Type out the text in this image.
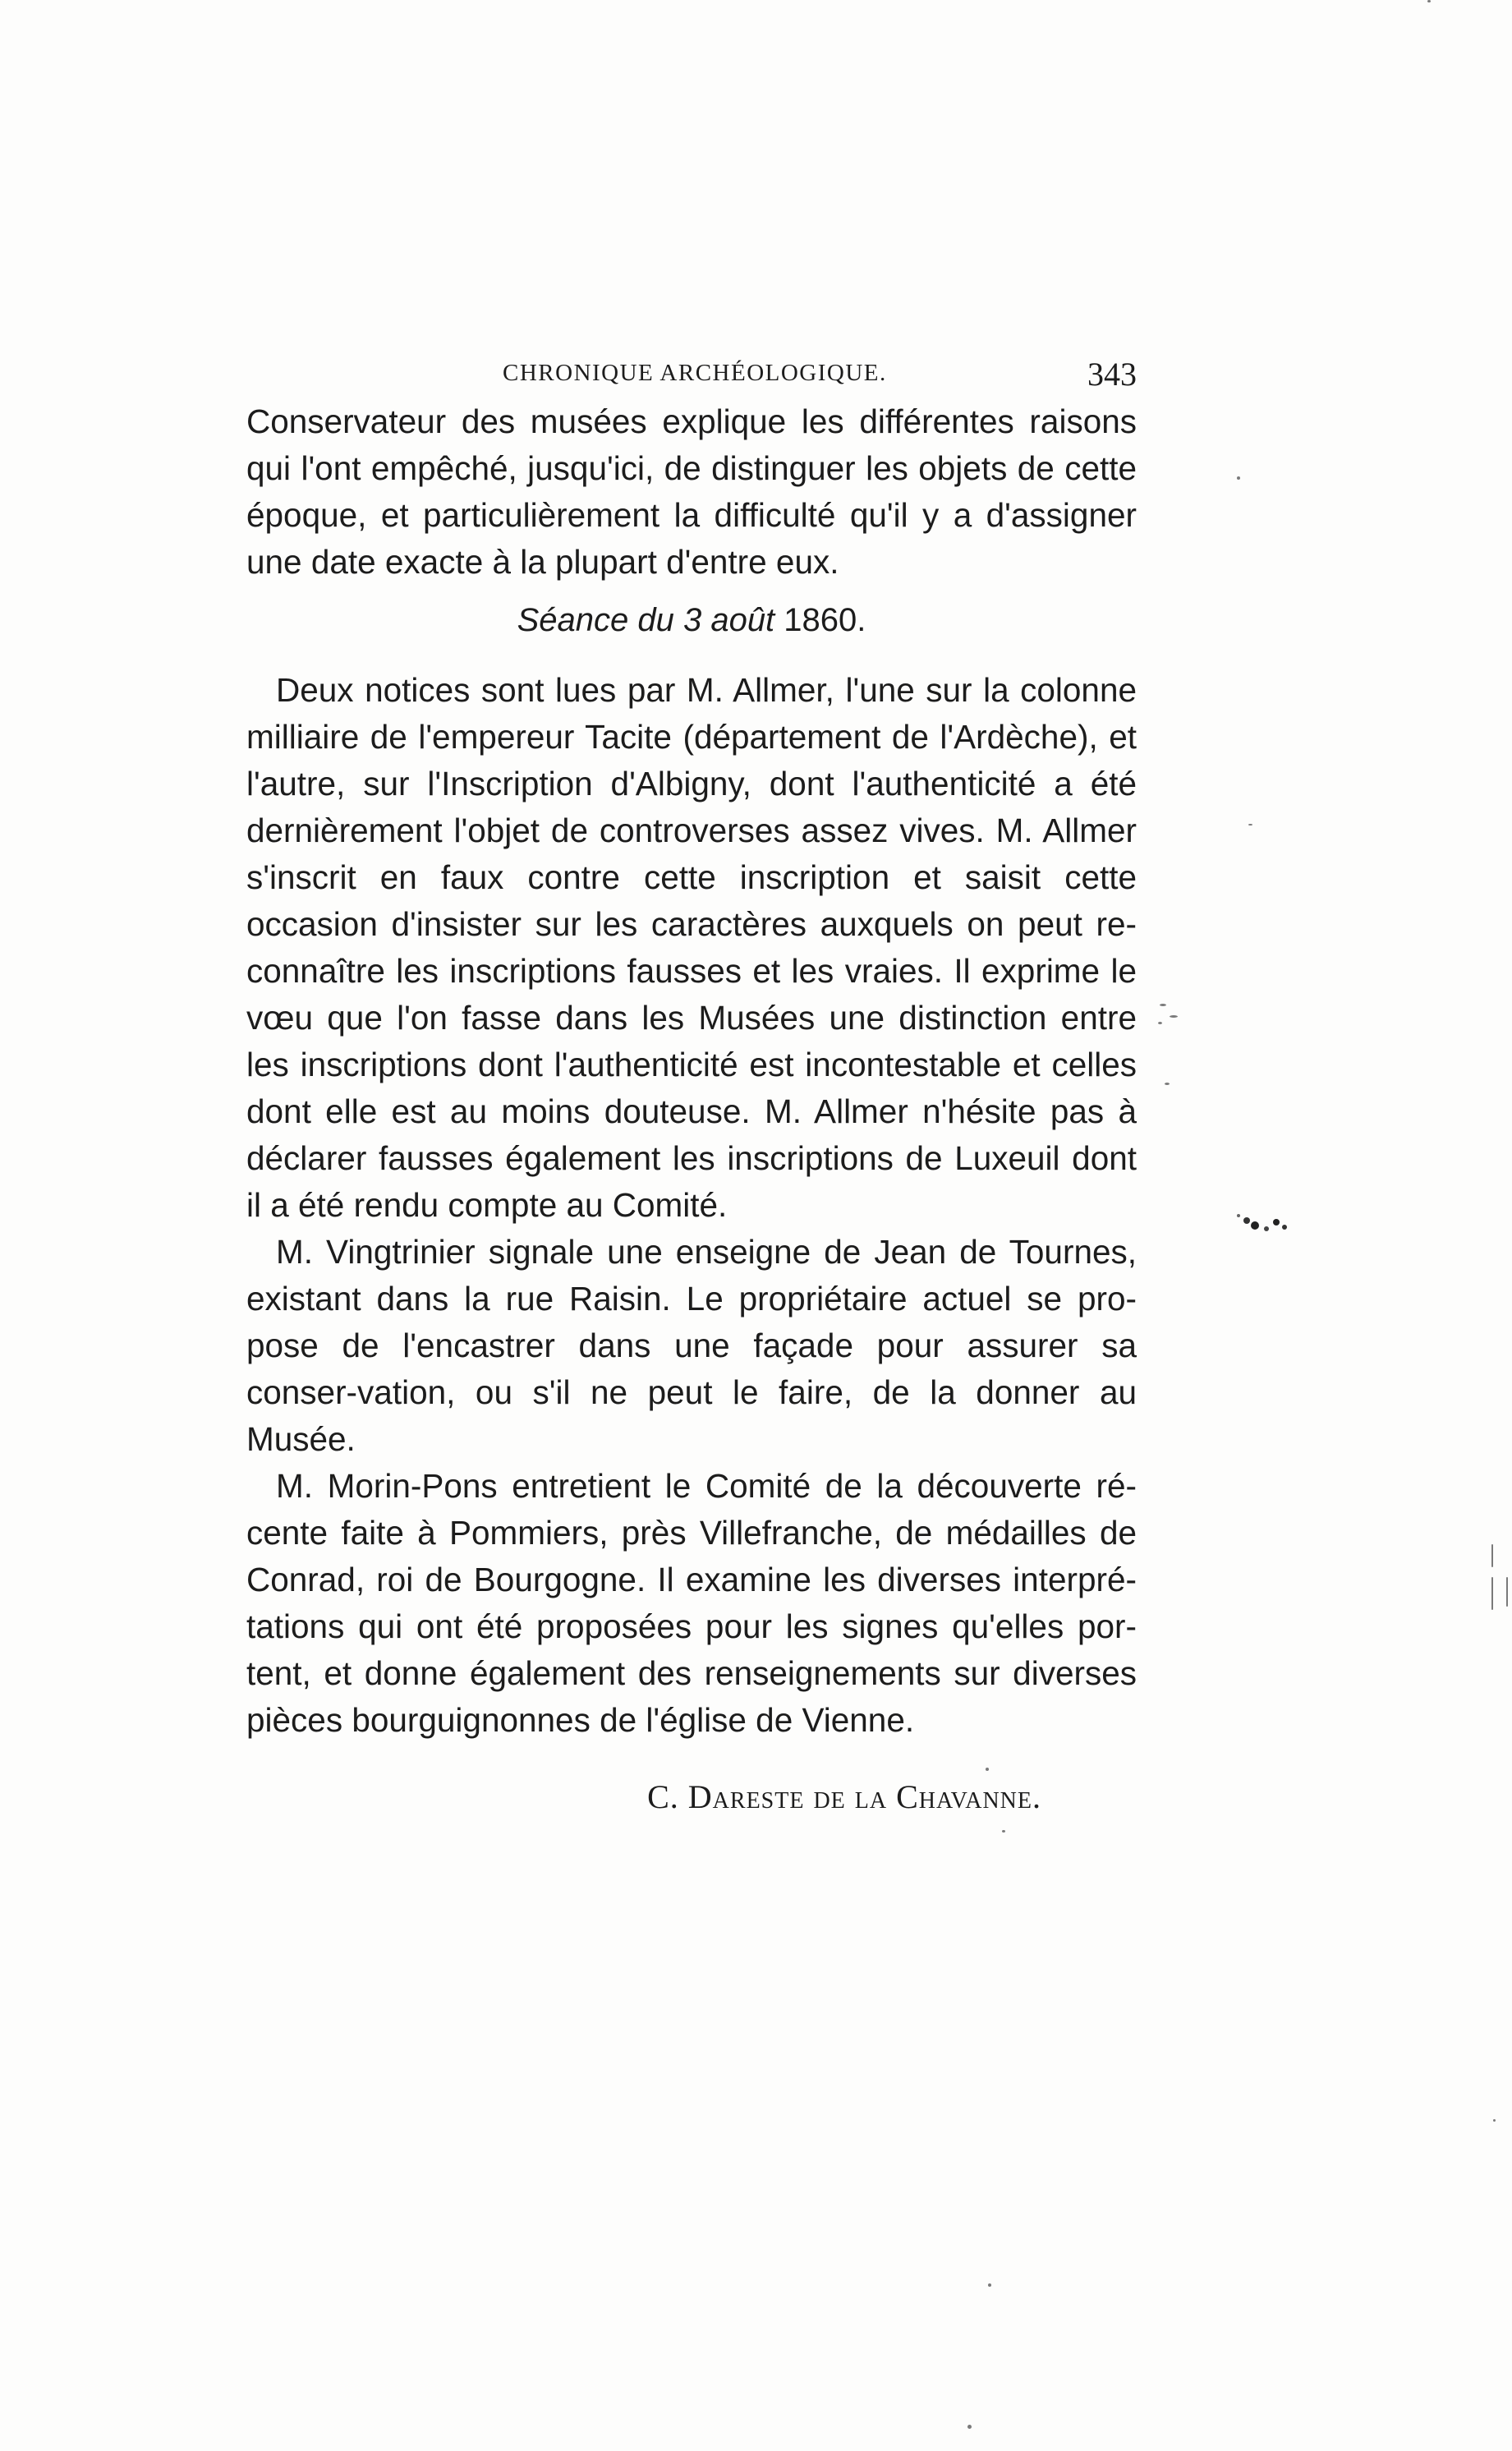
CHRONIQUE ARCHÉOLOGIQUE.	343

Conservateur des musées explique les différentes raisons qui l'ont empêché, jusqu'ici, de distinguer les objets de cette époque, et particulièrement la difficulté qu'il y a d'assigner une date exacte à la plupart d'entre eux.

Séance du 3 août 1860.

Deux notices sont lues par M. Allmer, l'une sur la colonne milliaire de l'empereur Tacite (département de l'Ardèche), et l'autre, sur l'Inscription d'Albigny, dont l'authenticité a été dernièrement l'objet de controverses assez vives. M. Allmer s'inscrit en faux contre cette inscription et saisit cette occasion d'insister sur les caractères auxquels on peut re-connaître les inscriptions fausses et les vraies. Il exprime le vœu que l'on fasse dans les Musées une distinction entre les inscriptions dont l'authenticité est incontestable et celles dont elle est au moins douteuse. M. Allmer n'hésite pas à déclarer fausses également les inscriptions de Luxeuil dont il a été rendu compte au Comité.

M. Vingtrinier signale une enseigne de Jean de Tournes, existant dans la rue Raisin. Le propriétaire actuel se pro-pose de l'encastrer dans une façade pour assurer sa conser-vation, ou s'il ne peut le faire, de la donner au Musée.

M. Morin-Pons entretient le Comité de la découverte ré-cente faite à Pommiers, près Villefranche, de médailles de Conrad, roi de Bourgogne. Il examine les diverses interpré-tations qui ont été proposées pour les signes qu'elles por-tent, et donne également des renseignements sur diverses pièces bourguignonnes de l'église de Vienne.

C. Dareste de la Chavanne.
